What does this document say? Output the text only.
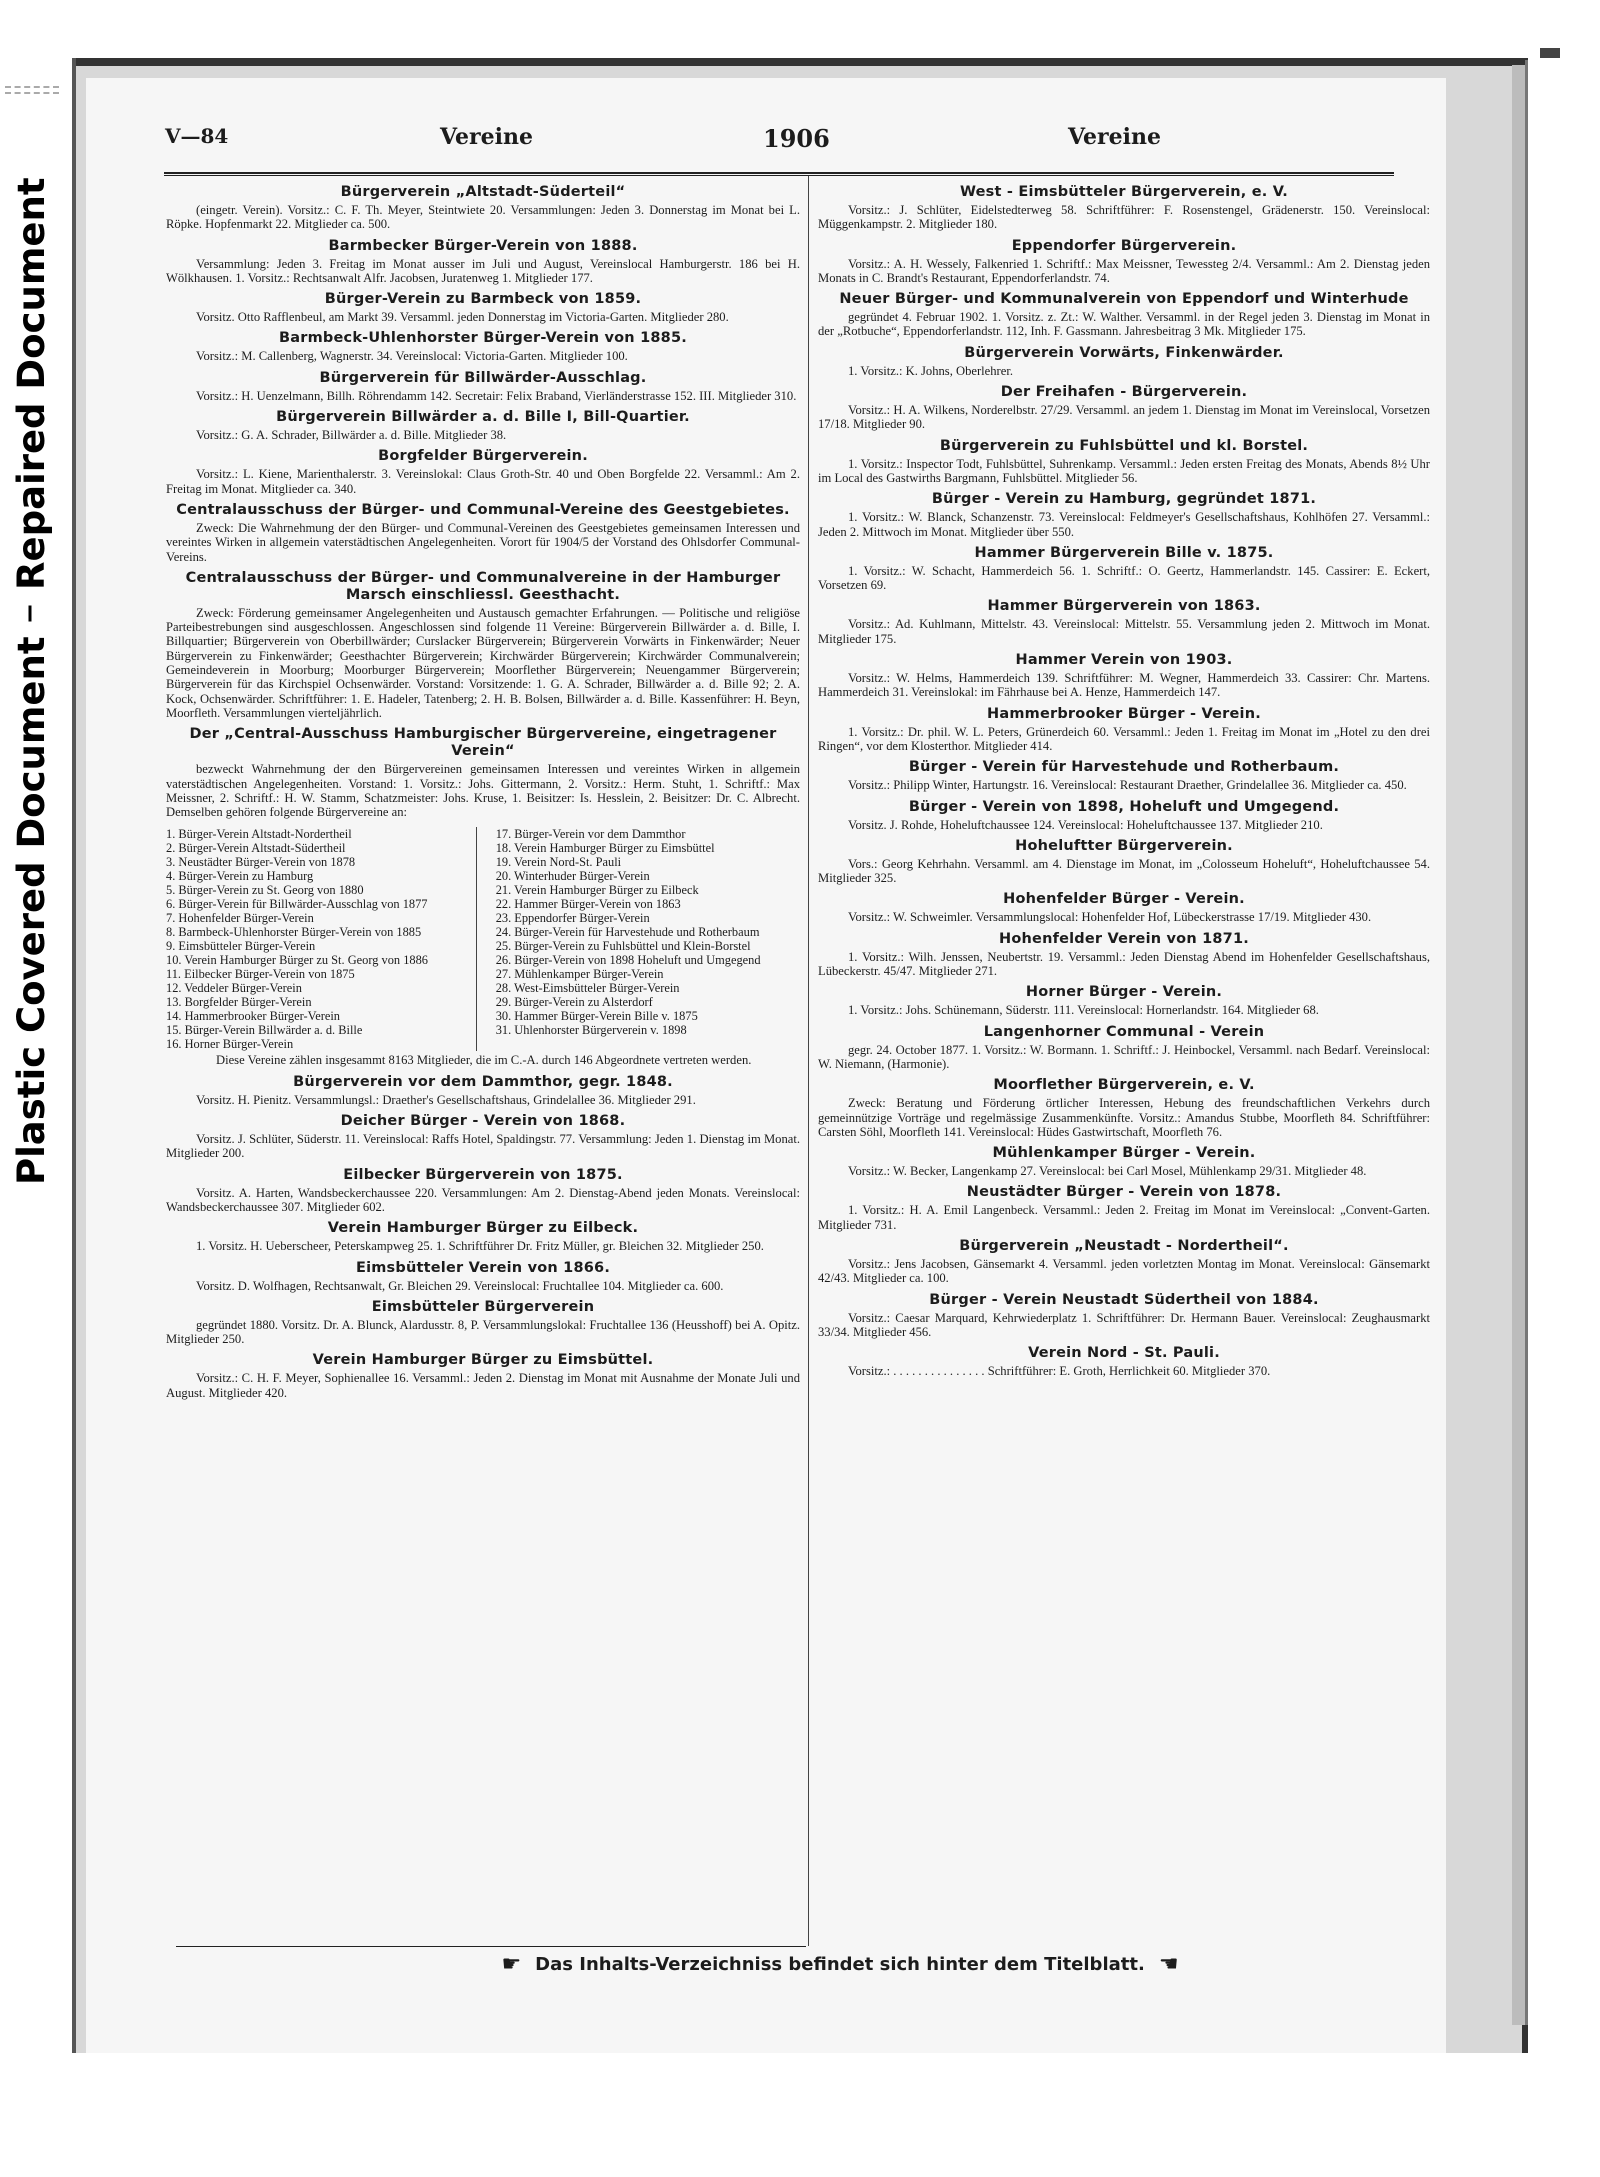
Repaired Document
Plastic Covered Document
V—84	Vereine	1906	Vereine
Bürgerverein „Altstadt-Süderteil“

(eingetr. Verein). Vorsitz.: C. F. Th. Meyer, Steintwiete 20. Versammlungen: Jeden 3. Donnerstag im Monat bei L. Röpke. Hopfenmarkt 22. Mitglieder ca. 500.

Barmbecker Bürger-Verein von 1888.

Versammlung: Jeden 3. Freitag im Monat ausser im Juli und August, Vereinslocal Hamburgerstr. 186 bei H. Wölkhausen. 1. Vorsitz.: Rechtsanwalt Alfr. Jacobsen, Juratenweg 1. Mitglieder 177.

Bürger-Verein zu Barmbeck von 1859.

Vorsitz. Otto Rafflenbeul, am Markt 39. Versamml. jeden Donnerstag im Victoria-Garten. Mitglieder 280.

Barmbeck-Uhlenhorster Bürger-Verein von 1885.

Vorsitz.: M. Callenberg, Wagnerstr. 34. Vereinslocal: Victoria-Garten. Mitglieder 100.

Bürgerverein für Billwärder-Ausschlag.

Vorsitz.: H. Uenzelmann, Billh. Röhrendamm 142. Secretair: Felix Braband, Vierländerstrasse 152. III. Mitglieder 310.

Bürgerverein Billwärder a. d. Bille I, Bill-Quartier.

Vorsitz.: G. A. Schrader, Billwärder a. d. Bille. Mitglieder 38.

Borgfelder Bürgerverein.

Vorsitz.: L. Kiene, Marienthalerstr. 3. Vereinslokal: Claus Groth-Str. 40 und Oben Borgfelde 22. Versamml.: Am 2. Freitag im Monat. Mitglieder ca. 340.

Centralausschuss der Bürger- und Communal-Vereine des Geestgebietes.

Zweck: Die Wahrnehmung der den Bürger- und Communal-Vereinen des Geestgebietes gemeinsamen Interessen und vereintes Wirken in allgemein vaterstädtischen Angelegenheiten. Vorort für 1904/5 der Vorstand des Ohlsdorfer Communal-Vereins.

Centralausschuss der Bürger- und Communalvereine in der Hamburger Marsch einschliessl. Geesthacht.

Zweck: Förderung gemeinsamer Angelegenheiten und Austausch gemachter Erfahrungen. — Politische und religiöse Parteibestrebungen sind ausgeschlossen. Angeschlossen sind folgende 11 Vereine: Bürgerverein Billwärder a. d. Bille, I. Billquartier; Bürgerverein von Oberbillwärder; Curslacker Bürgerverein; Bürgerverein Vorwärts in Finkenwärder; Neuer Bürgerverein zu Finkenwärder; Geesthachter Bürgerverein; Kirchwärder Bürgerverein; Kirchwärder Communalverein; Gemeindeverein in Moorburg; Moorburger Bürgerverein; Moorflether Bürgerverein; Neuengammer Bürgerverein; Bürgerverein für das Kirchspiel Ochsenwärder. Vorstand: Vorsitzende: 1. G. A. Schrader, Billwärder a. d. Bille 92; 2. A. Kock, Ochsenwärder. Schriftführer: 1. E. Hadeler, Tatenberg; 2. H. B. Bolsen, Billwärder a. d. Bille. Kassenführer: H. Beyn, Moorfleth. Versammlungen vierteljährlich.

Der „Central-Ausschuss Hamburgischer Bürgervereine, eingetragener Verein“

bezweckt Wahrnehmung der den Bürgervereinen gemeinsamen Interessen und vereintes Wirken in allgemein vaterstädtischen Angelegenheiten. Vorstand: 1. Vorsitz.: Johs. Gittermann, 2. Vorsitz.: Herm. Stuht, 1. Schriftf.: Max Meissner, 2. Schriftf.: H. W. Stamm, Schatzmeister: Johs. Kruse, 1. Beisitzer: Is. Hesslein, 2. Beisitzer: Dr. C. Albrecht. Demselben gehören folgende Bürgervereine an:

1. Bürger-Verein Altstadt-Nordertheil
2. Bürger-Verein Altstadt-Südertheil
3. Neustädter Bürger-Verein von 1878
4. Bürger-Verein zu Hamburg
5. Bürger-Verein zu St. Georg von 1880
6. Bürger-Verein für Billwärder-Ausschlag von 1877
7. Hohenfelder Bürger-Verein
8. Barmbeck-Uhlenhorster Bürger-Verein von 1885
9. Eimsbütteler Bürger-Verein
10. Verein Hamburger Bürger zu St. Georg von 1886
11. Eilbecker Bürger-Verein von 1875
12. Veddeler Bürger-Verein
13. Borgfelder Bürger-Verein
14. Hammerbrooker Bürger-Verein
15. Bürger-Verein Billwärder a. d. Bille
16. Horner Bürger-Verein
17. Bürger-Verein vor dem Dammthor
18. Verein Hamburger Bürger zu Eimsbüttel
19. Verein Nord-St. Pauli
20. Winterhuder Bürger-Verein
21. Verein Hamburger Bürger zu Eilbeck
22. Hammer Bürger-Verein von 1863
23. Eppendorfer Bürger-Verein
24. Bürger-Verein für Harvestehude und Rotherbaum
25. Bürger-Verein zu Fuhlsbüttel und Klein-Borstel
26. Bürger-Verein von 1898 Hoheluft und Umgegend
27. Mühlenkamper Bürger-Verein
28. West-Eimsbütteler Bürger-Verein
29. Bürger-Verein zu Alsterdorf
30. Hammer Bürger-Verein Bille v. 1875
31. Uhlenhorster Bürgerverein v. 1898

Diese Vereine zählen insgesammt 8163 Mitglieder, die im C.-A. durch 146 Abgeordnete vertreten werden.

Bürgerverein vor dem Dammthor, gegr. 1848.

Vorsitz. H. Pienitz. Versammlungsl.: Draether's Gesellschaftshaus, Grindelallee 36. Mitglieder 291.

Deicher Bürger - Verein von 1868.

Vorsitz. J. Schlüter, Süderstr. 11. Vereinslocal: Raffs Hotel, Spaldingstr. 77. Versammlung: Jeden 1. Dienstag im Monat. Mitglieder 200.

Eilbecker Bürgerverein von 1875.

Vorsitz. A. Harten, Wandsbeckerchaussee 220. Versammlungen: Am 2. Dienstag-Abend jeden Monats. Vereinslocal: Wandsbeckerchaussee 307. Mitglieder 602.

Verein Hamburger Bürger zu Eilbeck.

1. Vorsitz. H. Ueberscheer, Peterskampweg 25. 1. Schriftführer Dr. Fritz Müller, gr. Bleichen 32. Mitglieder 250.

Eimsbütteler Verein von 1866.

Vorsitz. D. Wolfhagen, Rechtsanwalt, Gr. Bleichen 29. Vereinslocal: Fruchtallee 104. Mitglieder ca. 600.

Eimsbütteler Bürgerverein

gegründet 1880. Vorsitz. Dr. A. Blunck, Alardusstr. 8, P. Versammlungslokal: Fruchtallee 136 (Heusshoff) bei A. Opitz. Mitglieder 250.

Verein Hamburger Bürger zu Eimsbüttel.

Vorsitz.: C. H. F. Meyer, Sophienallee 16. Versamml.: Jeden 2. Dienstag im Monat mit Ausnahme der Monate Juli und August. Mitglieder 420.

West - Eimsbütteler Bürgerverein, e. V.

Vorsitz.: J. Schlüter, Eidelstedterweg 58. Schriftführer: F. Rosenstengel, Grädenerstr. 150. Vereinslocal: Müggenkampstr. 2. Mitglieder 180.

Eppendorfer Bürgerverein.

Vorsitz.: A. H. Wessely, Falkenried 1. Schriftf.: Max Meissner, Tewessteg 2/4. Versamml.: Am 2. Dienstag jeden Monats in C. Brandt's Restaurant, Eppendorferlandstr. 74.

Neuer Bürger- und Kommunalverein von Eppendorf und Winterhude

gegründet 4. Februar 1902. 1. Vorsitz. z. Zt.: W. Walther. Versamml. in der Regel jeden 3. Dienstag im Monat in der „Rotbuche“, Eppendorferlandstr. 112, Inh. F. Gassmann. Jahresbeitrag 3 Mk. Mitglieder 175.

Bürgerverein Vorwärts, Finkenwärder.

1. Vorsitz.: K. Johns, Oberlehrer.

Der Freihafen - Bürgerverein.

Vorsitz.: H. A. Wilkens, Norderelbstr. 27/29. Versamml. an jedem 1. Dienstag im Monat im Vereinslocal, Vorsetzen 17/18. Mitglieder 90.

Bürgerverein zu Fuhlsbüttel und kl. Borstel.

1. Vorsitz.: Inspector Todt, Fuhlsbüttel, Suhrenkamp. Versamml.: Jeden ersten Freitag des Monats, Abends 8½ Uhr im Local des Gastwirths Bargmann, Fuhlsbüttel. Mitglieder 56.

Bürger - Verein zu Hamburg, gegründet 1871.

1. Vorsitz.: W. Blanck, Schanzenstr. 73. Vereinslocal: Feldmeyer's Gesellschaftshaus, Kohlhöfen 27. Versamml.: Jeden 2. Mittwoch im Monat. Mitglieder über 550.

Hammer Bürgerverein Bille v. 1875.

1. Vorsitz.: W. Schacht, Hammerdeich 56. 1. Schriftf.: O. Geertz, Hammerlandstr. 145. Cassirer: E. Eckert, Vorsetzen 69.

Hammer Bürgerverein von 1863.

Vorsitz.: Ad. Kuhlmann, Mittelstr. 43. Vereinslocal: Mittelstr. 55. Versammlung jeden 2. Mittwoch im Monat. Mitglieder 175.

Hammer Verein von 1903.

Vorsitz.: W. Helms, Hammerdeich 139. Schriftführer: M. Wegner, Hammerdeich 33. Cassirer: Chr. Martens. Hammerdeich 31. Vereinslokal: im Fährhause bei A. Henze, Hammerdeich 147.

Hammerbrooker Bürger - Verein.

1. Vorsitz.: Dr. phil. W. L. Peters, Grünerdeich 60. Versamml.: Jeden 1. Freitag im Monat im „Hotel zu den drei Ringen“, vor dem Klosterthor. Mitglieder 414.

Bürger - Verein für Harvestehude und Rotherbaum.

Vorsitz.: Philipp Winter, Hartungstr. 16. Vereinslocal: Restaurant Draether, Grindelallee 36. Mitglieder ca. 450.

Bürger - Verein von 1898, Hoheluft und Umgegend.

Vorsitz. J. Rohde, Hoheluftchaussee 124. Vereinslocal: Hoheluftchaussee 137. Mitglieder 210.

Hoheluftter Bürgerverein.

Vors.: Georg Kehrhahn. Versamml. am 4. Dienstage im Monat, im „Colosseum Hoheluft“, Hoheluftchaussee 54. Mitglieder 325.

Hohenfelder Bürger - Verein.

Vorsitz.: W. Schweimler. Versammlungslocal: Hohenfelder Hof, Lübeckerstrasse 17/19. Mitglieder 430.

Hohenfelder Verein von 1871.

1. Vorsitz.: Wilh. Jenssen, Neubertstr. 19. Versamml.: Jeden Dienstag Abend im Hohenfelder Gesellschaftshaus, Lübeckerstr. 45/47. Mitglieder 271.

Horner Bürger - Verein.

1. Vorsitz.: Johs. Schünemann, Süderstr. 111. Vereinslocal: Hornerlandstr. 164. Mitglieder 68.

Langenhorner Communal - Verein

gegr. 24. October 1877. 1. Vorsitz.: W. Bormann. 1. Schriftf.: J. Heinbockel, Versamml. nach Bedarf. Vereinslocal: W. Niemann, (Harmonie).

Moorflether Bürgerverein, e. V.

Zweck: Beratung und Förderung örtlicher Interessen, Hebung des freundschaftlichen Verkehrs durch gemeinnützige Vorträge und regelmässige Zusammenkünfte. Vorsitz.: Amandus Stubbe, Moorfleth 84. Schriftführer: Carsten Söhl, Moorfleth 141. Vereinslocal: Hüdes Gastwirtschaft, Moorfleth 76.

Mühlenkamper Bürger - Verein.

Vorsitz.: W. Becker, Langenkamp 27. Vereinslocal: bei Carl Mosel, Mühlenkamp 29/31. Mitglieder 48.

Neustädter Bürger - Verein von 1878.

1. Vorsitz.: H. A. Emil Langenbeck. Versamml.: Jeden 2. Freitag im Monat im Vereinslocal: „Convent-Garten. Mitglieder 731.

Bürgerverein „Neustadt - Nordertheil“.

Vorsitz.: Jens Jacobsen, Gänsemarkt 4. Versamml. jeden vorletzten Montag im Monat. Vereinslocal: Gänsemarkt 42/43. Mitglieder ca. 100.

Bürger - Verein Neustadt Südertheil von 1884.

Vorsitz.: Caesar Marquard, Kehrwiederplatz 1. Schriftführer: Dr. Hermann Bauer. Vereinslocal: Zeughausmarkt 33/34. Mitglieder 456.

Verein Nord - St. Pauli.

Vorsitz.: . . . . . . . . . . . . . . . Schriftführer: E. Groth, Herrlichkeit 60. Mitglieder 370.

☛ Das Inhalts-Verzeichniss befindet sich hinter dem Titelblatt. ☚
